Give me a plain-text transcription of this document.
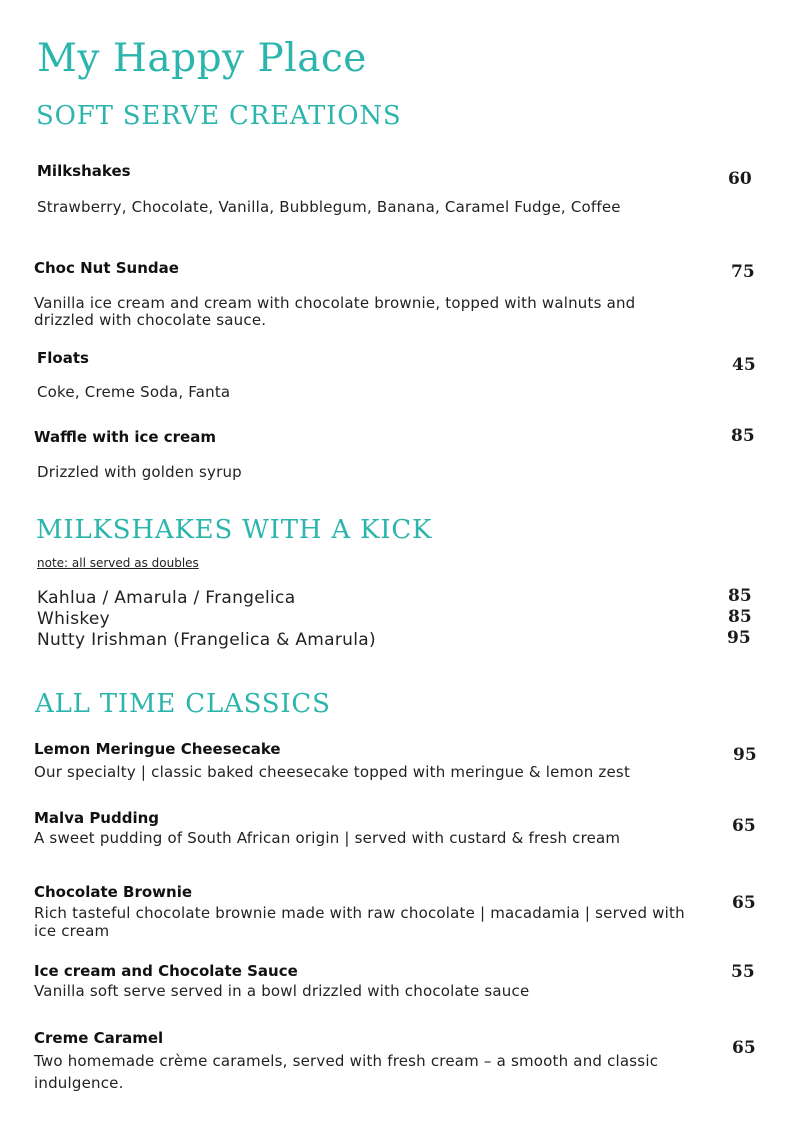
My Happy Place
SOFT SERVE CREATIONS
Milkshakes	60
Strawberry, Chocolate, Vanilla, Bubblegum, Banana, Caramel Fudge, Coffee
Choc Nut Sundae	75
Vanilla ice cream and cream with chocolate brownie, topped with walnuts and drizzled with chocolate sauce.
Floats	45
Coke, Creme Soda, Fanta
Waffle with ice cream	85
Drizzled with golden syrup
MILKSHAKES WITH A KICK
note: all served as doubles
Kahlua / Amarula / Frangelica	85
Whiskey	85
Nutty Irishman (Frangelica & Amarula)	95
ALL TIME CLASSICS
Lemon Meringue Cheesecake	95
Our specialty | classic baked cheesecake topped with meringue & lemon zest
Malva Pudding	65
A sweet pudding of South African origin | served with custard & fresh cream
Chocolate Brownie
65
Rich tasteful chocolate brownie made with raw chocolate | macadamia | served with ice cream
Ice cream and Chocolate Sauce	55
Vanilla soft serve served in a bowl drizzled with chocolate sauce
Creme Caramel	65
Two homemade crème caramels, served with fresh cream – a smooth and classic indulgence.
